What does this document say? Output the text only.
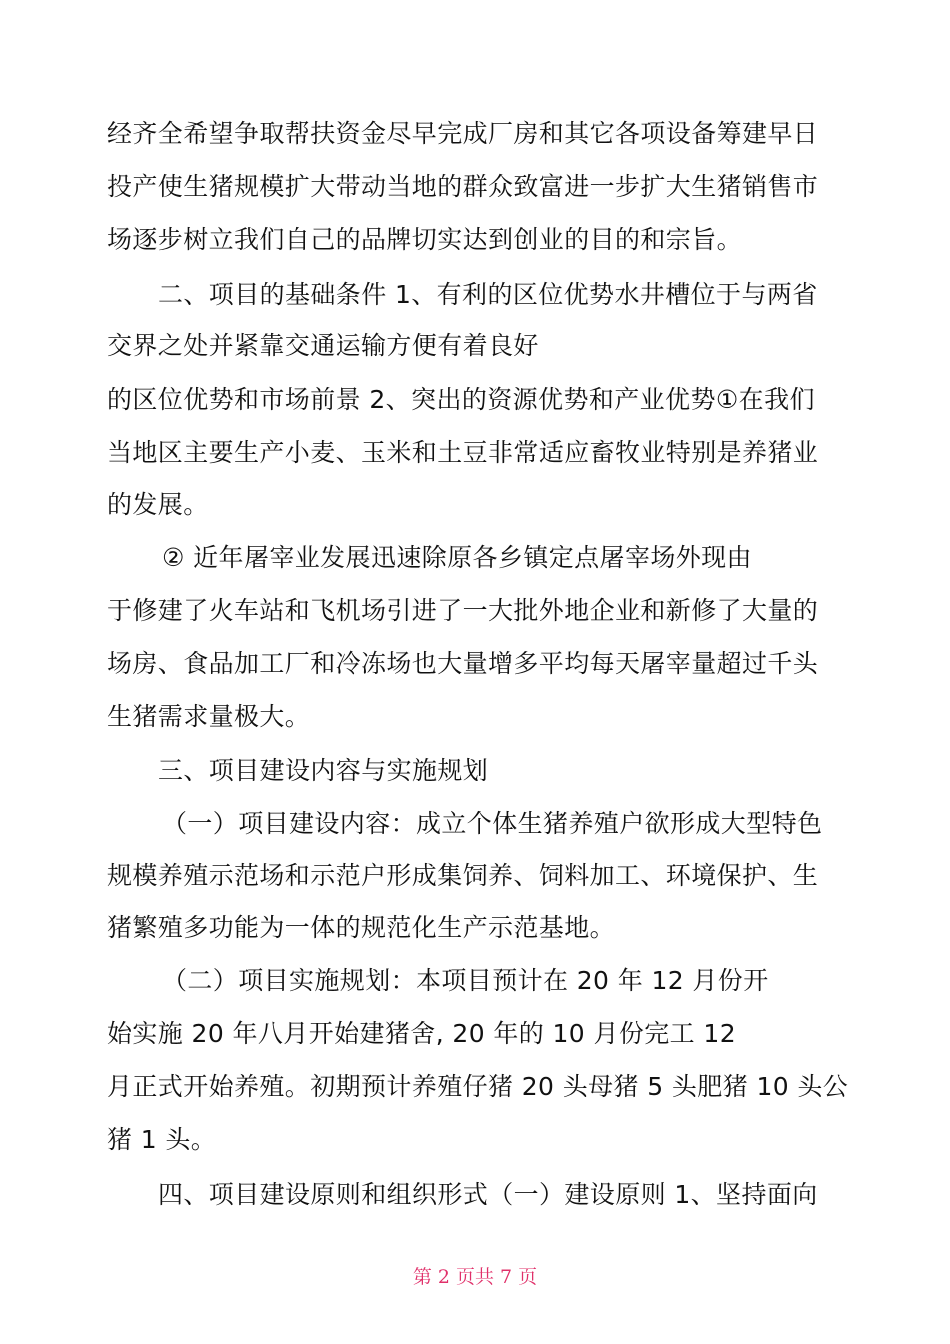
经齐全希望争取帮扶资金尽早完成厂房和其它各项设备筹建早日
投产使生猪规模扩大带动当地的群众致富进一步扩大生猪销售市
场逐步树立我们自己的品牌切实达到创业的目的和宗旨。
二、项目的基础条件 1、有利的区位优势水井槽位于与两省
交界之处并紧靠交通运输方便有着良好
的区位优势和市场前景 2、突出的资源优势和产业优势①在我们
当地区主要生产小麦、玉米和土豆非常适应畜牧业特别是养猪业
的发展。
② 近年屠宰业发展迅速除原各乡镇定点屠宰场外现由
于修建了火车站和飞机场引进了一大批外地企业和新修了大量的
场房、食品加工厂和冷冻场也大量增多平均每天屠宰量超过千头
生猪需求量极大。
三、项目建设内容与实施规划
（一）项目建设内容：成立个体生猪养殖户欲形成大型特色
规模养殖示范场和示范户形成集饲养、饲料加工、环境保护、生
猪繁殖多功能为一体的规范化生产示范基地。
（二）项目实施规划：本项目预计在 20 年 12 月份开
始实施 20 年八月开始建猪舍, 20 年的 10 月份完工 12
月正式开始养殖。初期预计养殖仔猪 20 头母猪 5 头肥猪 10 头公
猪 1 头。
四、项目建设原则和组织形式（一）建设原则 1、坚持面向
第 2 页共 7 页
